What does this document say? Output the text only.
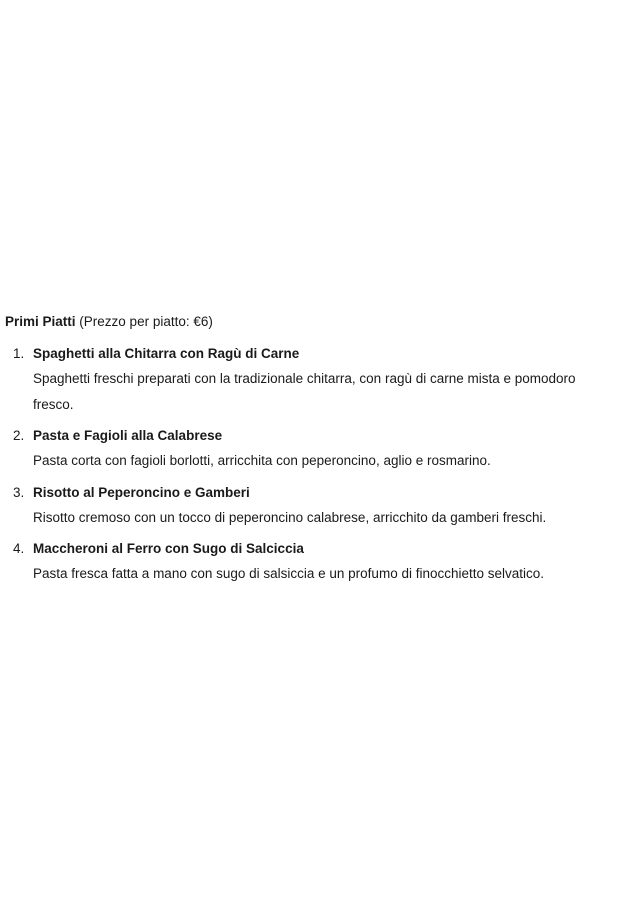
Primi Piatti (Prezzo per piatto: €6)
1. Spaghetti alla Chitarra con Ragù di Carne
Spaghetti freschi preparati con la tradizionale chitarra, con ragù di carne mista e pomodoro fresco.
2. Pasta e Fagioli alla Calabrese
Pasta corta con fagioli borlotti, arricchita con peperoncino, aglio e rosmarino.
3. Risotto al Peperoncino e Gamberi
Risotto cremoso con un tocco di peperoncino calabrese, arricchito da gamberi freschi.
4. Maccheroni al Ferro con Sugo di Salciccia
Pasta fresca fatta a mano con sugo di salsiccia e un profumo di finocchietto selvatico.
